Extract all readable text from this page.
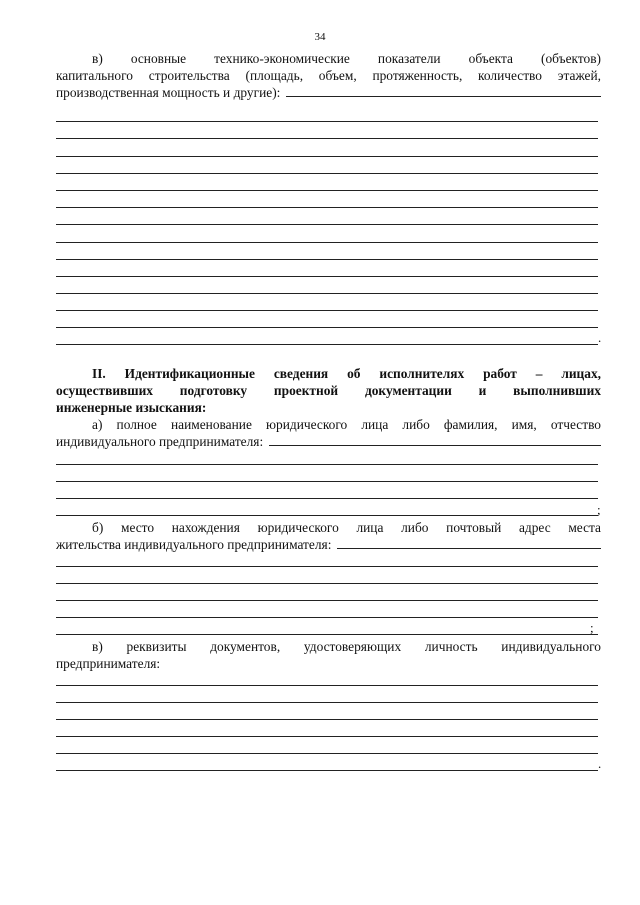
34
в) основные технико-экономические показатели объекта (объектов)
капитального строительства (площадь, объем, протяженность, количество этажей,
производственная мощность и другие):
.
II. Идентификационные сведения об исполнителях работ – лицах,
осуществивших подготовку проектной документации и выполнивших
инженерные изыскания:
а) полное наименование юридического лица либо фамилия, имя, отчество
индивидуального предпринимателя:
;
б) место нахождения юридического лица либо почтовый адрес места
жительства индивидуального предпринимателя:
;
в) реквизиты документов, удостоверяющих личность индивидуального
предпринимателя:
.
